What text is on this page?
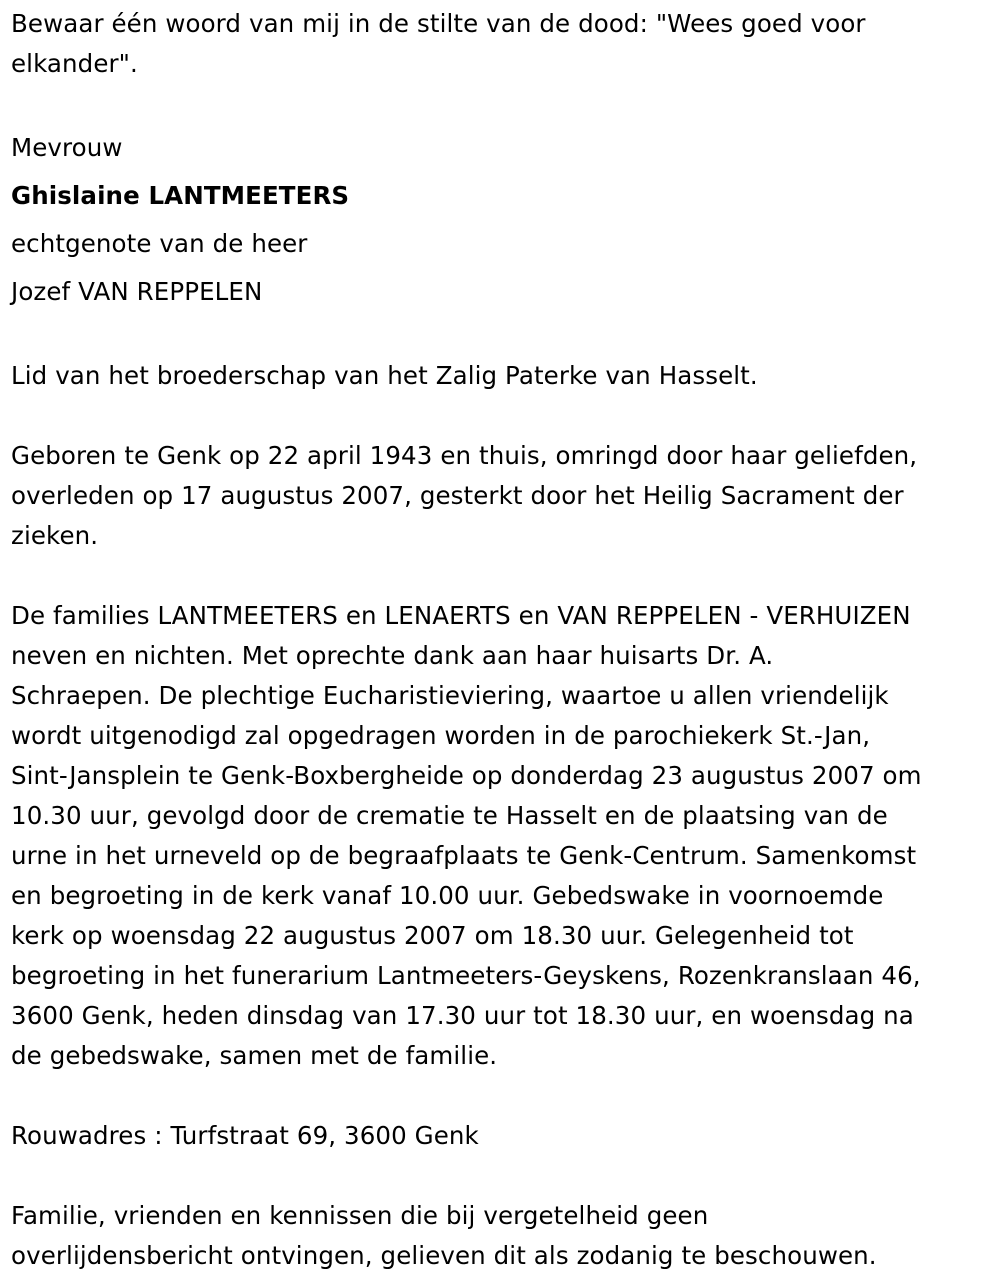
Bewaar één woord van mij in de stilte van de dood: "Wees goed voor
elkander".
Mevrouw
Ghislaine LANTMEETERS
echtgenote van de heer
Jozef VAN REPPELEN
Lid van het broederschap van het Zalig Paterke van Hasselt.
Geboren te Genk op 22 april 1943 en thuis, omringd door haar geliefden,
overleden op 17 augustus 2007, gesterkt door het Heilig Sacrament der
zieken.
De families LANTMEETERS en LENAERTS en VAN REPPELEN - VERHUIZEN
neven en nichten. Met oprechte dank aan haar huisarts Dr. A.
Schraepen. De plechtige Eucharistieviering, waartoe u allen vriendelijk
wordt uitgenodigd zal opgedragen worden in de parochiekerk St.-Jan,
Sint-Jansplein te Genk-Boxbergheide op donderdag 23 augustus 2007 om
10.30 uur, gevolgd door de crematie te Hasselt en de plaatsing van de
urne in het urneveld op de begraafplaats te Genk-Centrum. Samenkomst
en begroeting in de kerk vanaf 10.00 uur. Gebedswake in voornoemde
kerk op woensdag 22 augustus 2007 om 18.30 uur. Gelegenheid tot
begroeting in het funerarium Lantmeeters-Geyskens, Rozenkranslaan 46,
3600 Genk, heden dinsdag van 17.30 uur tot 18.30 uur, en woensdag na
de gebedswake, samen met de familie.
Rouwadres : Turfstraat 69, 3600 Genk
Familie, vrienden en kennissen die bij vergetelheid geen
overlijdensbericht ontvingen, gelieven dit als zodanig te beschouwen.
